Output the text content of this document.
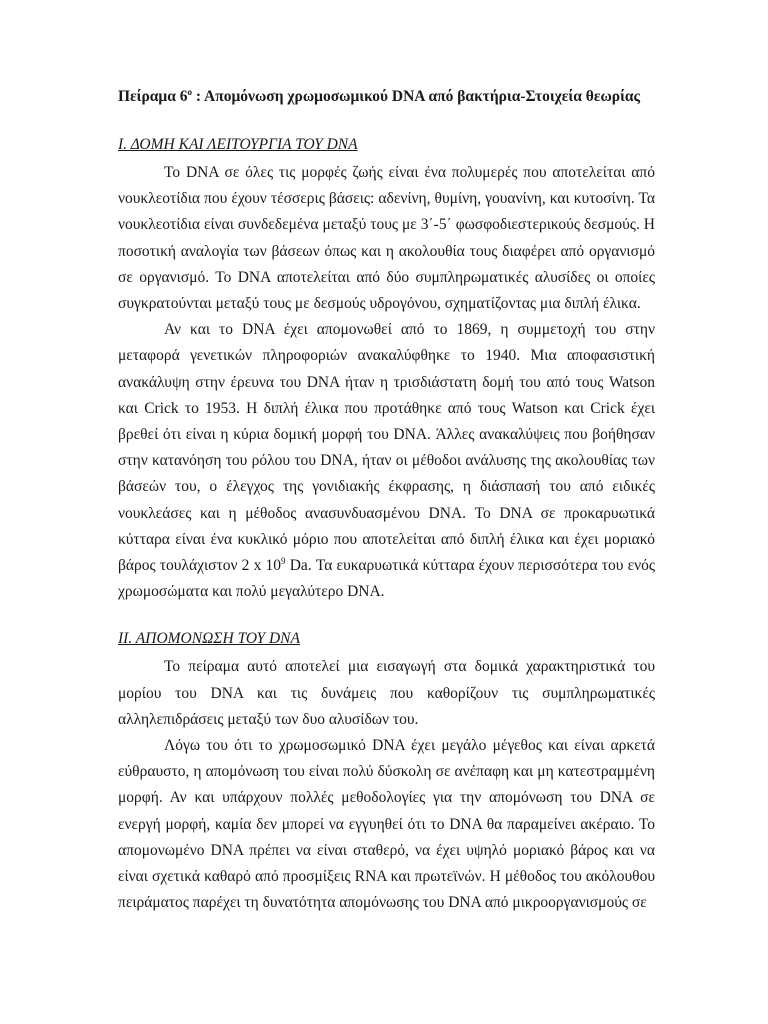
Πείραμα $6^o$ : Απομόνωση χρωμοσωμικού DNA από βακτήρια-Στοιχεία θεωρίας

Ι. ΔΟΜΗ ΚΑΙ ΛΕΙΤΟΥΡΓΙΑ ΤΟΥ DNA

Το DNA σε όλες τις μορφές ζωής είναι ένα πολυμερές που αποτελείται από νουκλεοτίδια που έχουν τέσσερις βάσεις: αδενίνη, θυμίνη, γουανίνη, και κυτοσίνη. Τα νουκλεοτίδια είναι συνδεδεμένα μεταξύ τους με 3΄-5΄ φωσφοδιεστερικούς δεσμούς. Η ποσοτική αναλογία των βάσεων όπως και η ακολουθία τους διαφέρει από οργανισμό σε οργανισμό. Το DNA αποτελείται από δύο συμπληρωματικές αλυσίδες οι οποίες συγκρατούνται μεταξύ τους με δεσμούς υδρογόνου, σχηματίζοντας μια διπλή έλικα.

Αν και το DNA έχει απομονωθεί από το 1869, η συμμετοχή του στην μεταφορά γενετικών πληροφοριών ανακαλύφθηκε το 1940. Μια αποφασιστική ανακάλυψη στην έρευνα του DNA ήταν η τρισδιάστατη δομή του από τους Watson και Crick το 1953. Η διπλή έλικα που προτάθηκε από τους Watson και Crick έχει βρεθεί ότι είναι η κύρια δομική μορφή του DNA. Άλλες ανακαλύψεις που βοήθησαν στην κατανόηση του ρόλου του DNA, ήταν οι μέθοδοι ανάλυσης της ακολουθίας των βάσεών του, ο έλεγχος της γονιδιακής έκφρασης, η διάσπασή του από ειδικές νουκλεάσες και η μέθοδος ανασυνδυασμένου DNA. Το DNA σε προκαρυωτικά κύτταρα είναι ένα κυκλικό μόριο που αποτελείται από διπλή έλικα και έχει μοριακό βάρος τουλάχιστον 2 x $10^9$ Da. Τα ευκαρυωτικά κύτταρα έχουν περισσότερα του ενός χρωμοσώματα και πολύ μεγαλύτερο DNA.

ΙΙ. ΑΠΟΜΟΝΩΣΗ ΤΟΥ DNA

Το πείραμα αυτό αποτελεί μια εισαγωγή στα δομικά χαρακτηριστικά του μορίου του DNA και τις δυνάμεις που καθορίζουν τις συμπληρωματικές αλληλεπιδράσεις μεταξύ των δυο αλυσίδων του.

Λόγω του ότι το χρωμοσωμικό DNA έχει μεγάλο μέγεθος και είναι αρκετά εύθραυστο, η απομόνωση του είναι πολύ δύσκολη σε ανέπαφη και μη κατεστραμμένη μορφή. Αν και υπάρχουν πολλές μεθοδολογίες για την απομόνωση του DNA σε ενεργή μορφή, καμία δεν μπορεί να εγγυηθεί ότι το DNA θα παραμείνει ακέραιο. Το απομονωμένο DNA πρέπει να είναι σταθερό, να έχει υψηλό μοριακό βάρος και να είναι σχετικά καθαρό από προσμίξεις RNA και πρωτεϊνών. Η μέθοδος του ακόλουθου πειράματος παρέχει τη δυνατότητα απομόνωσης του DNA από μικροοργανισμούς σε
